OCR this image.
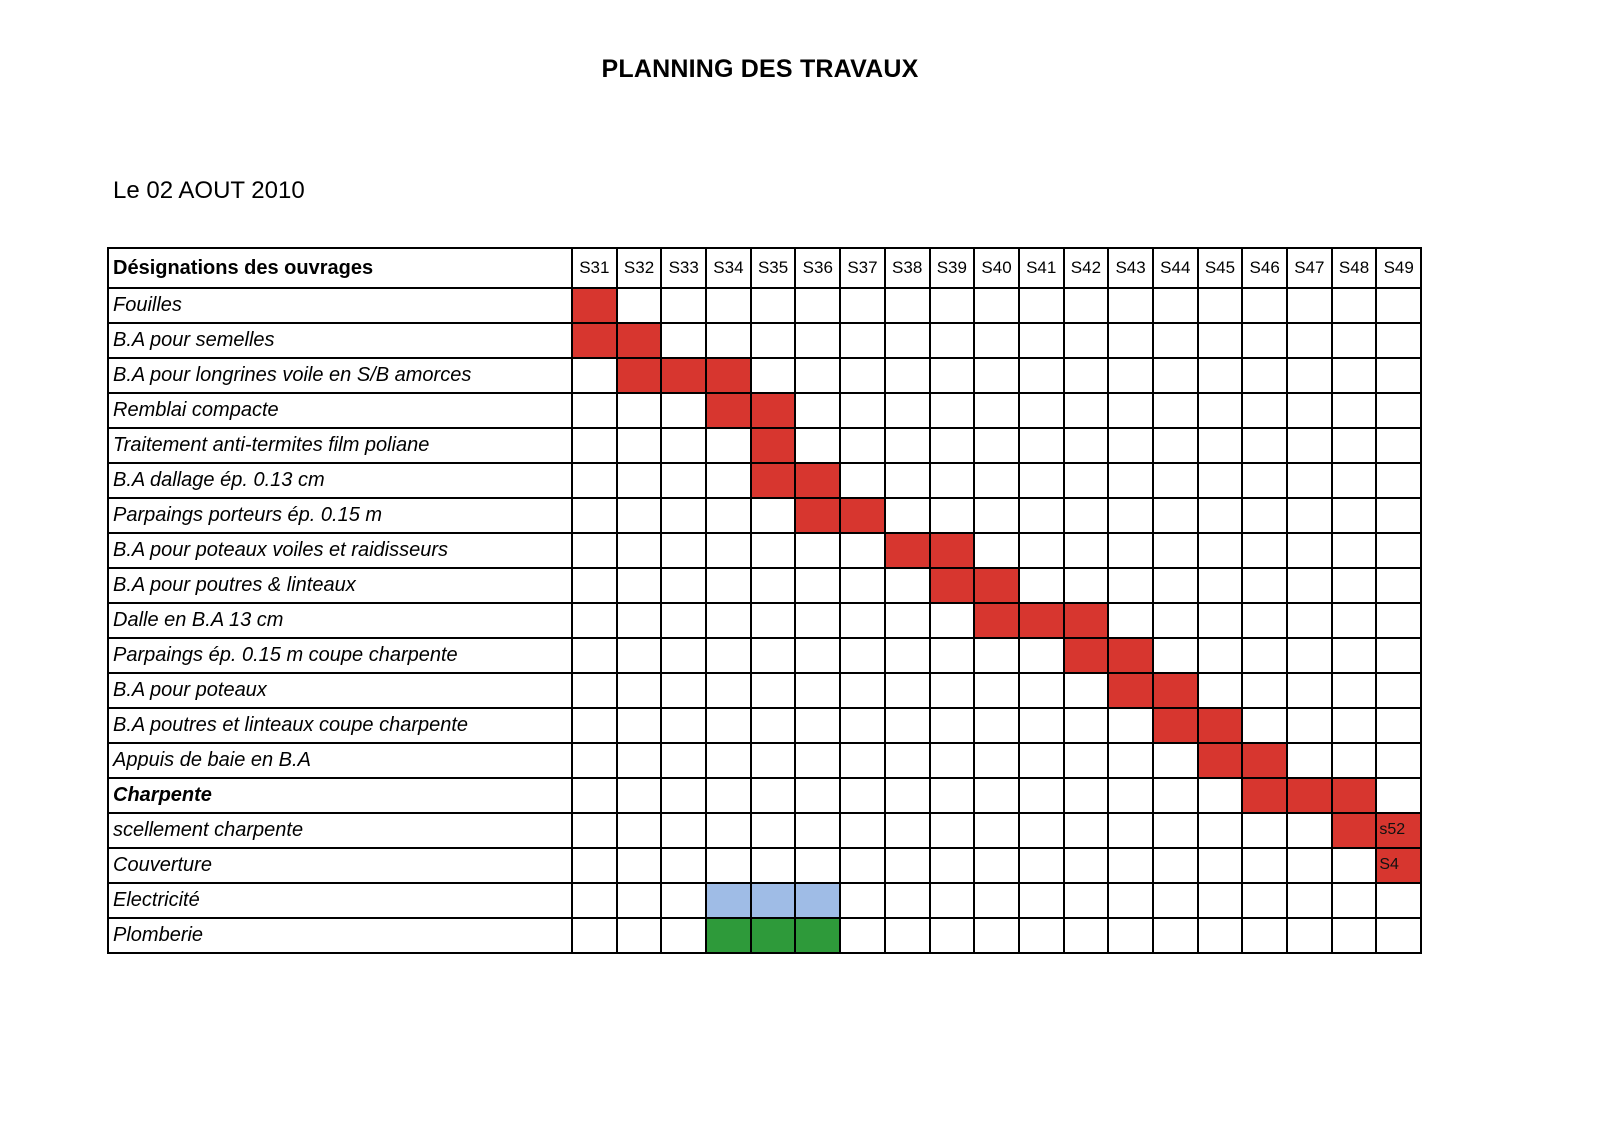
PLANNING DES TRAVAUX
Le 02 AOUT 2010
Désignations des ouvrages	S31	S32	S33	S34	S35	S36	S37	S38	S39	S40	S41	S42	S43	S44	S45	S46	S47	S48	S49
Fouilles																			
B.A pour semelles																			
B.A pour longrines voile en S/B amorces																			
Remblai compacte																			
Traitement anti-termites film poliane																			
B.A dallage ép. 0.13 cm																			
Parpaings porteurs ép. 0.15 m																			
B.A pour poteaux voiles et raidisseurs																			
B.A pour poutres & linteaux																			
Dalle en B.A 13 cm																			
Parpaings ép. 0.15 m coupe charpente																			
B.A pour poteaux																			
B.A poutres et linteaux coupe charpente																			
Appuis de baie en B.A																			
Charpente																			
scellement charpente																			s52

Couverture																			S4

Electricité																			
Plomberie																			
